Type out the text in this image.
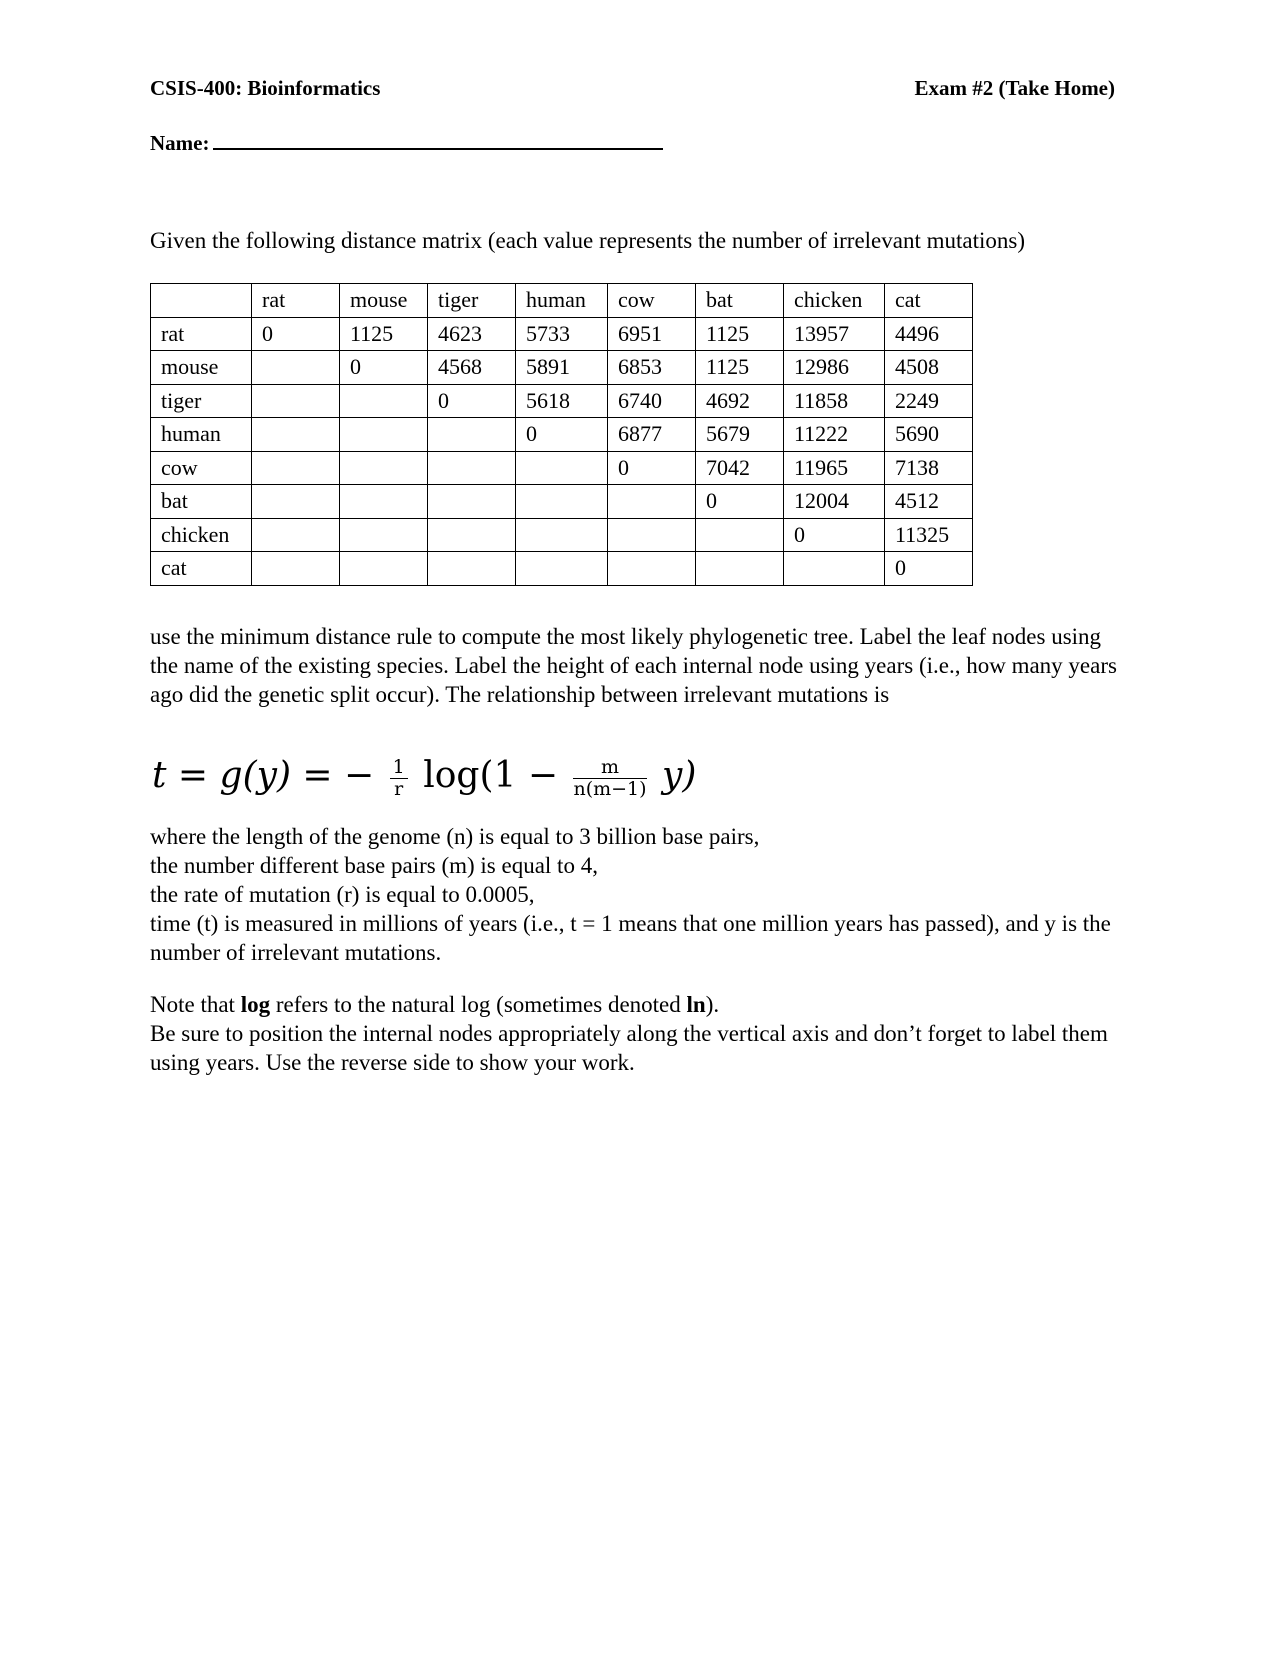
CSIS-400: Bioinformatics	Exam #2 (Take Home)
Name:
Given the following distance matrix (each value represents the number of irrelevant mutations)
	rat	mouse	tiger	human	cow	bat	chicken	cat
rat	0	1125	4623	5733	6951	1125	13957	4496
mouse		0	4568	5891	6853	1125	12986	4508
tiger			0	5618	6740	4692	11858	2249
human				0	6877	5679	11222	5690
cow					0	7042	11965	7138
bat						0	12004	4512
chicken							0	11325
cat								0
use the minimum distance rule to compute the most likely phylogenetic tree. Label the leaf nodes using the name of the existing species. Label the height of each internal node using years (i.e., how many years ago did the genetic split occur). The relationship between irrelevant mutations is
t = g(y) = − $\frac{1}{r} \log(1 - \frac{m}{n(m-1)} y)$
where the length of the genome (n) is equal to 3 billion base pairs,
the number different base pairs (m) is equal to 4,
the rate of mutation (r) is equal to 0.0005,
time (t) is measured in millions of years (i.e., t = 1 means that one million years has passed), and y is the number of irrelevant mutations.
Note that log refers to the natural log (sometimes denoted ln).
Be sure to position the internal nodes appropriately along the vertical axis and don’t forget to label them using years. Use the reverse side to show your work.
